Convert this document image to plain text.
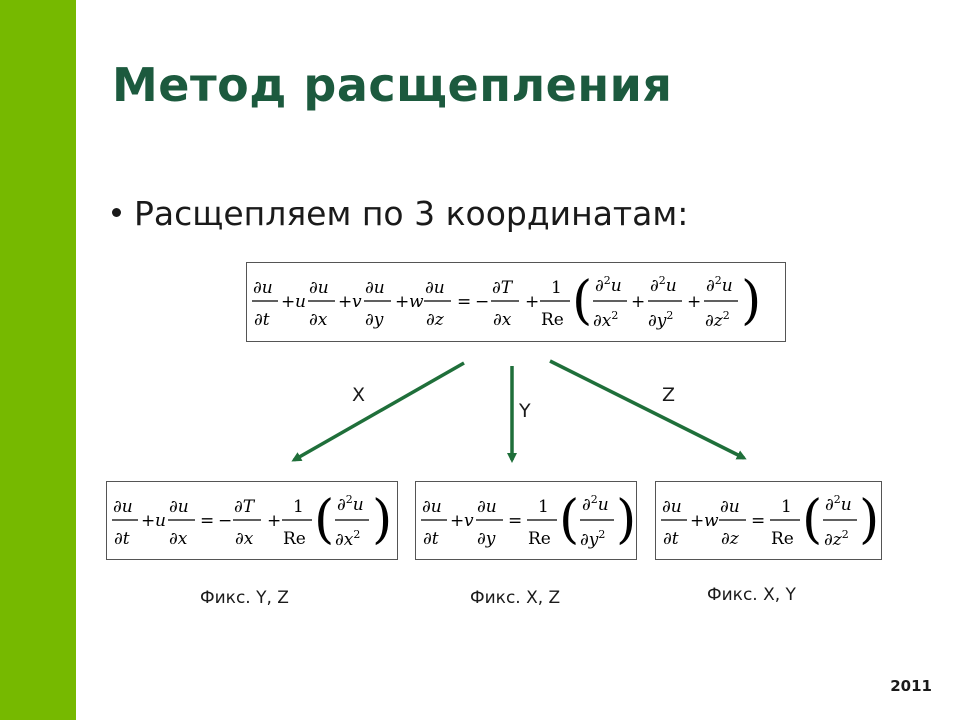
Метод расщепления
Расщепляем по 3 координатам:
∂u
∂t
+ u
∂u
∂x
+ v
∂u
∂y
+ w
∂u
∂z
= −
∂T
∂x
+
1
Re ( ∂$^2$u
$\partial x^2$
+
∂$^2$u
$\partial y^2$
+
∂$^2$u
$\partial z^2$ )
X
Y
Z
∂u
∂t
+ u
∂u
∂x
= −
∂T
∂x
+
1
Re ( ∂$^2$u
$\partial x^2$ ) ∂u
∂t
+ v
∂u
∂y
=
1
Re ( ∂$^2$u
$\partial y^2$ ) ∂u
∂t
+ w
∂u
∂z
=
1
Re ( ∂$^2$u
$\partial z^2$ )
Фикс. Y, Z	Фикс. X, Z	Фикс. X, Y
2011
